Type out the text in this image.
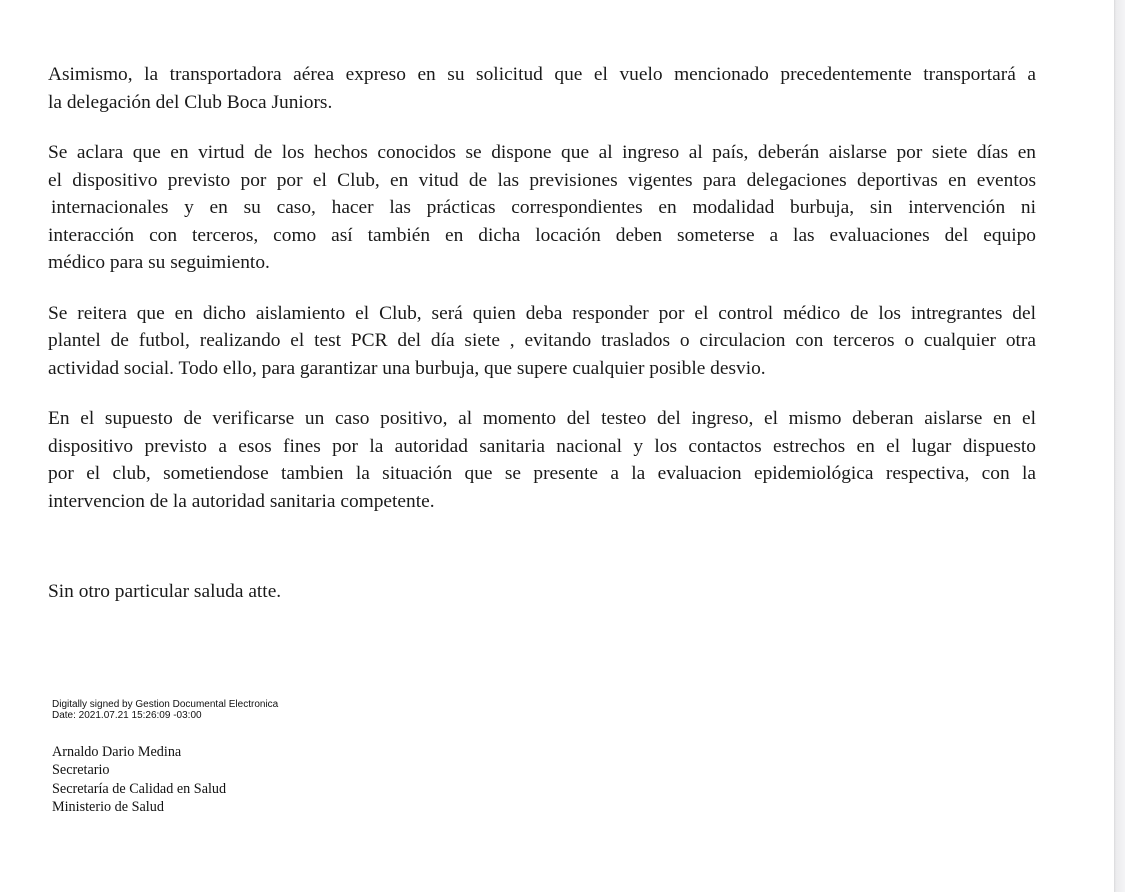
Asimismo, la transportadora aérea expreso en su solicitud que el vuelo mencionado precedentemente transportará a
la delegación del Club Boca Juniors.

Se aclara que en virtud de los hechos conocidos se dispone que al ingreso al país, deberán aislarse por siete días en
el dispositivo previsto por por el Club, en vitud de las previsiones vigentes para delegaciones deportivas en eventos
internacionales y en su caso, hacer las prácticas correspondientes en modalidad burbuja, sin intervención ni
interacción con terceros, como así también en dicha locación deben someterse a las evaluaciones del equipo
médico para su seguimiento.

Se reitera que en dicho aislamiento el Club, será quien deba responder por el control médico de los intregrantes del
plantel de futbol, realizando el test PCR del día siete , evitando traslados o circulacion con terceros o cualquier otra
actividad social. Todo ello, para garantizar una burbuja, que supere cualquier posible desvio.

En el supuesto de verificarse un caso positivo, al momento del testeo del ingreso, el mismo deberan aislarse en el
dispositivo previsto a esos fines por la autoridad sanitaria nacional y los contactos estrechos en el lugar dispuesto
por el club, sometiendose tambien la situación que se presente a la evaluacion epidemiológica respectiva, con la
intervencion de la autoridad sanitaria competente.

Sin otro particular saluda atte.

Digitally signed by Gestion Documental Electronica
Date: 2021.07.21 15:26:09 -03:00
Arnaldo Dario Medina
Secretario
Secretaría de Calidad en Salud
Ministerio de Salud
